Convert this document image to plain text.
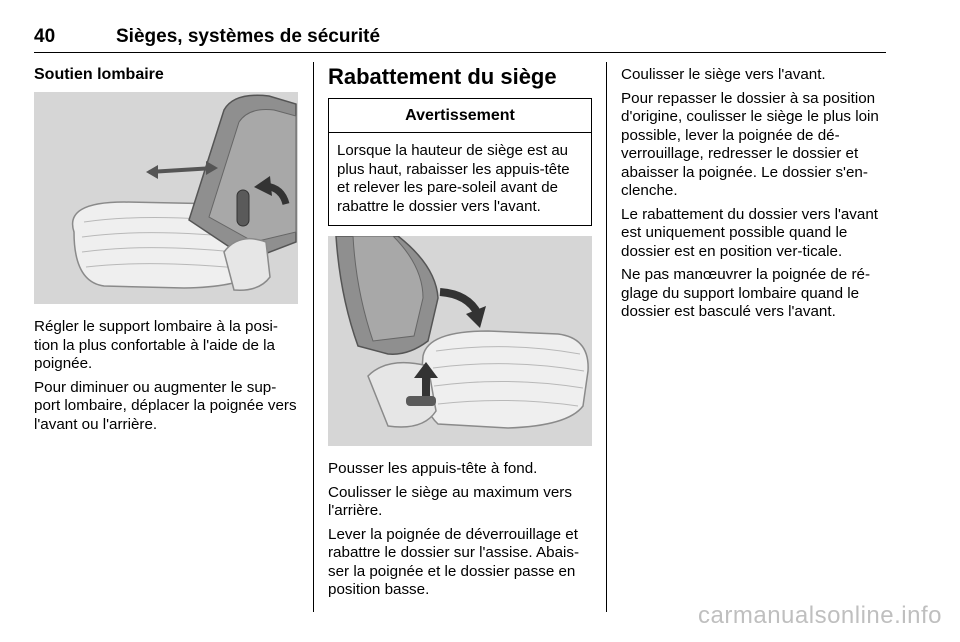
40	Sièges, systèmes de sécurité
Soutien lombaire

Régler le support lombaire à la posi-tion la plus confortable à l'aide de la poignée.

Pour diminuer ou augmenter le sup-port lombaire, déplacer la poignée vers l'avant ou l'arrière.

Rabattement du siège
Avertissement
Lorsque la hauteur de siège est au plus haut, rabaisser les appuis-tête et relever les pare-soleil avant de rabattre le dossier vers l'avant.

Pousser les appuis-tête à fond.

Coulisser le siège au maximum vers l'arrière.

Lever la poignée de déverrouillage et rabattre le dossier sur l'assise. Abais-ser la poignée et le dossier passe en position basse.

Coulisser le siège vers l'avant.

Pour repasser le dossier à sa position d'origine, coulisser le siège le plus loin possible, lever la poignée de dé-verrouillage, redresser le dossier et abaisser la poignée. Le dossier s'en-clenche.

Le rabattement du dossier vers l'avant est uniquement possible quand le dossier est en position ver-ticale.

Ne pas manœuvrer la poignée de ré-glage du support lombaire quand le dossier est basculé vers l'avant.

carmanualsonline.info
